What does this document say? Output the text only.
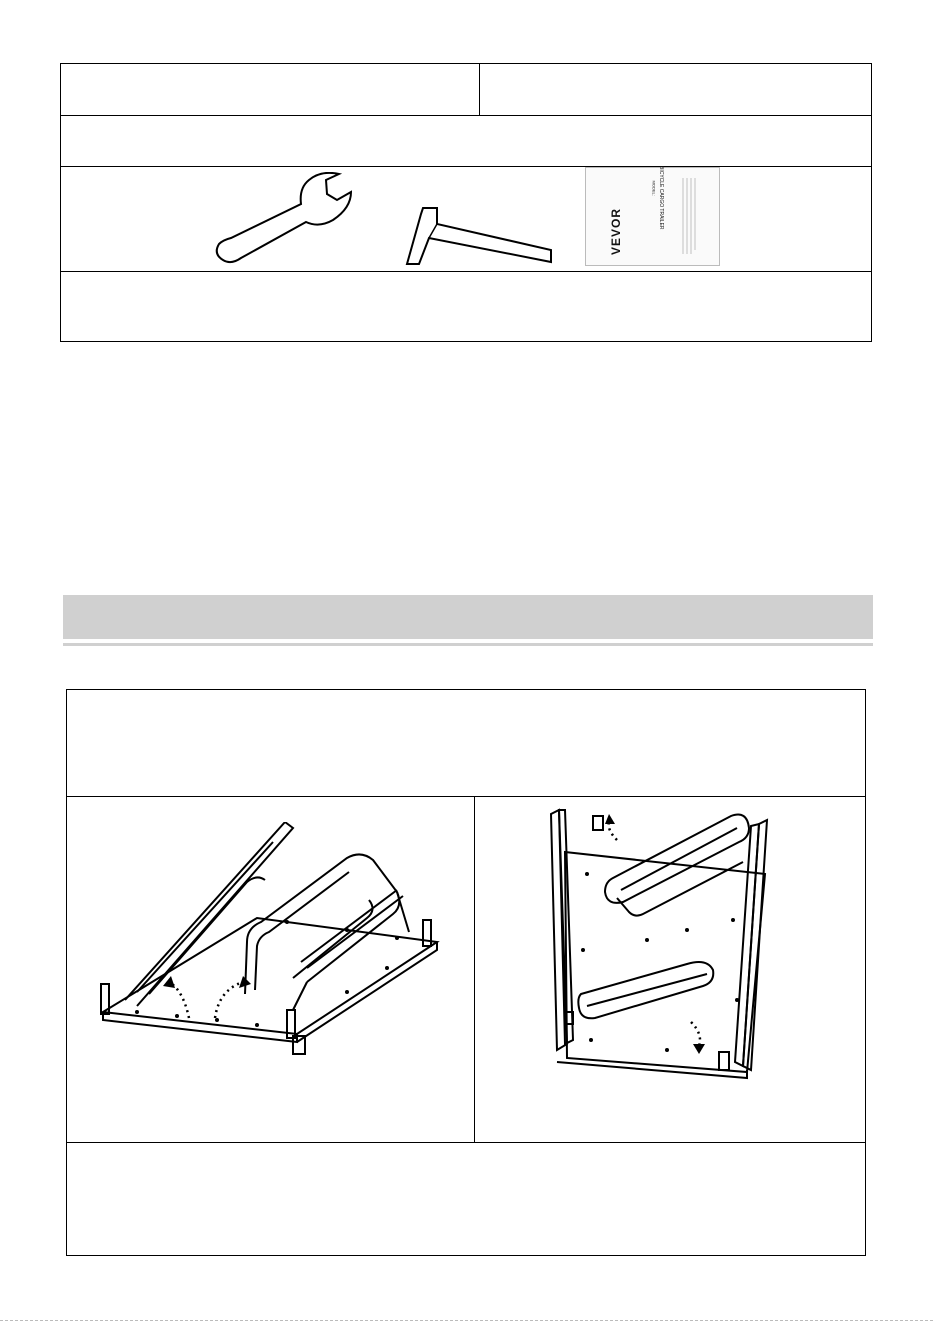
VEVOR
BICYCLE CARGO TRAILER
MODEL:
